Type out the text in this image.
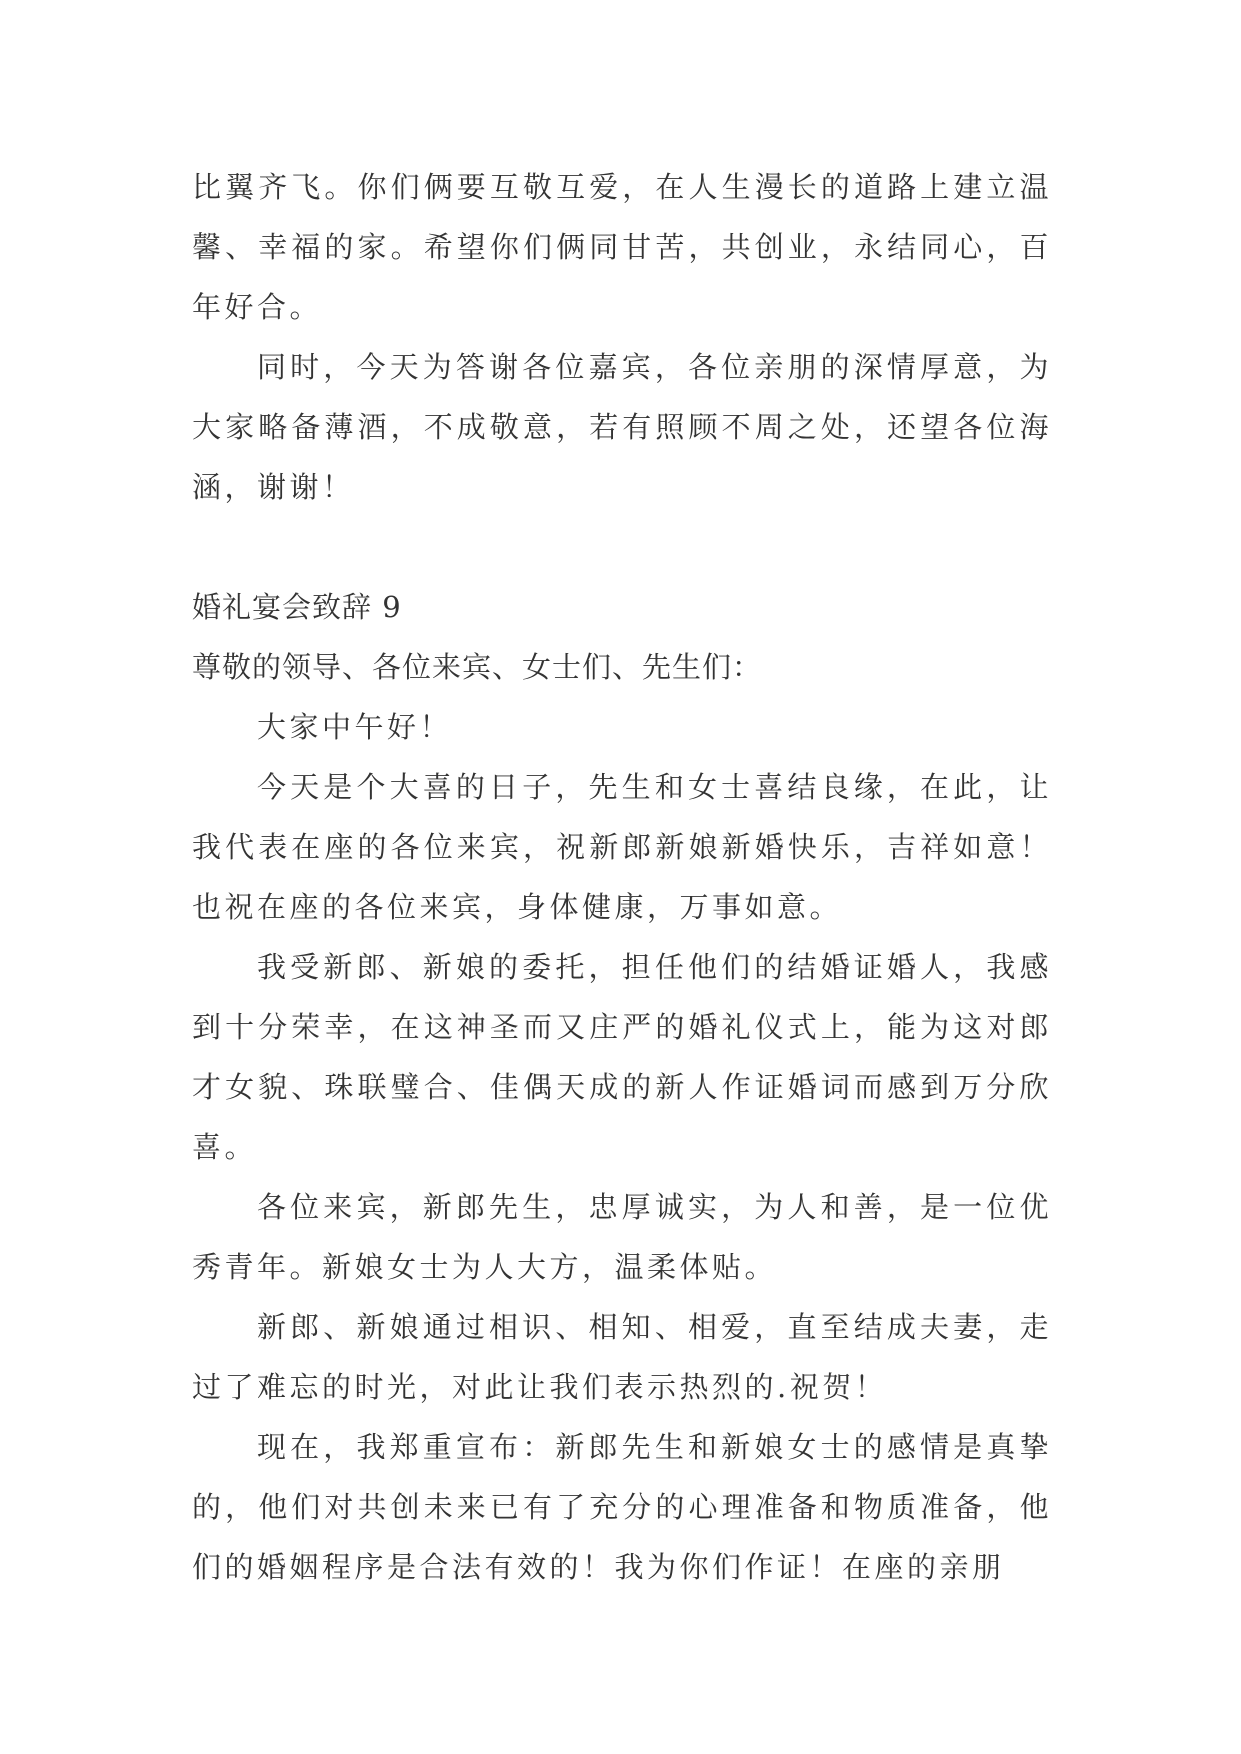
比翼齐飞。你们俩要互敬互爱，在人生漫长的道路上建立温馨、幸福的家。希望你们俩同甘苦，共创业，永结同心，百年好合。

同时，今天为答谢各位嘉宾，各位亲朋的深情厚意，为大家略备薄酒，不成敬意，若有照顾不周之处，还望各位海涵，谢谢！

婚礼宴会致辞 9

尊敬的领导、各位来宾、女士们、先生们：

大家中午好！

今天是个大喜的日子，先生和女士喜结良缘，在此，让我代表在座的各位来宾，祝新郎新娘新婚快乐，吉祥如意！也祝在座的各位来宾，身体健康，万事如意。

我受新郎、新娘的委托，担任他们的结婚证婚人，我感到十分荣幸，在这神圣而又庄严的婚礼仪式上，能为这对郎才女貌、珠联璧合、佳偶天成的新人作证婚词而感到万分欣喜。

各位来宾，新郎先生，忠厚诚实，为人和善，是一位优秀青年。新娘女士为人大方，温柔体贴。

新郎、新娘通过相识、相知、相爱，直至结成夫妻，走过了难忘的时光，对此让我们表示热烈的.祝贺！

现在，我郑重宣布：新郎先生和新娘女士的感情是真挚的，他们对共创未来已有了充分的心理准备和物质准备，他们的婚姻程序是合法有效的！我为你们作证！在座的亲朋
